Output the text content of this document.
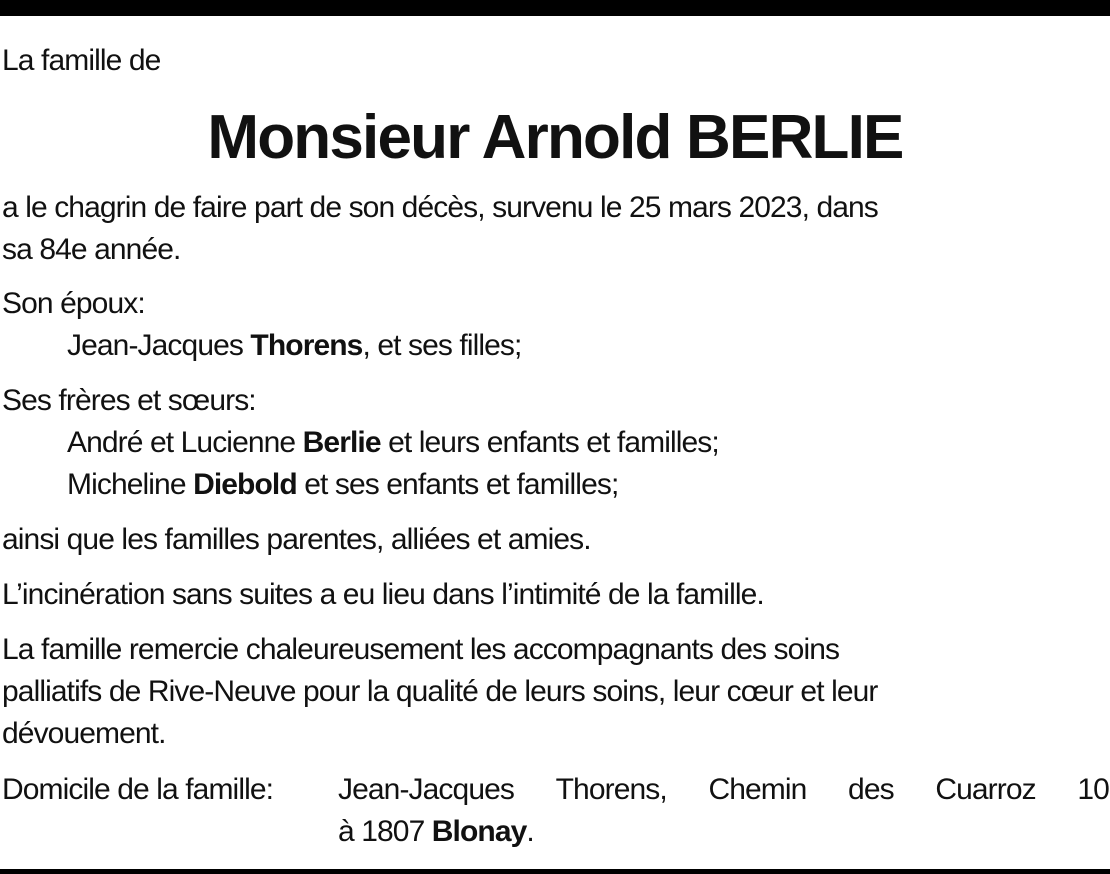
La famille de
Monsieur Arnold BERLIE
a le chagrin de faire part de son décès, survenu le 25 mars 2023, dans
sa 84e année.
Son époux:
Jean-Jacques Thorens, et ses filles;
Ses frères et sœurs:
André et Lucienne Berlie et leurs enfants et familles;
Micheline Diebold et ses enfants et familles;
ainsi que les familles parentes, alliées et amies.
L’incinération sans suites a eu lieu dans l’intimité de la famille.
La famille remercie chaleureusement les accompagnants des soins
palliatifs de Rive-Neuve pour la qualité de leurs soins, leur cœur et leur
dévouement.
Domicile de la famille: Jean-Jacques Thorens, Chemin des Cuarroz 10
à 1807 Blonay.
